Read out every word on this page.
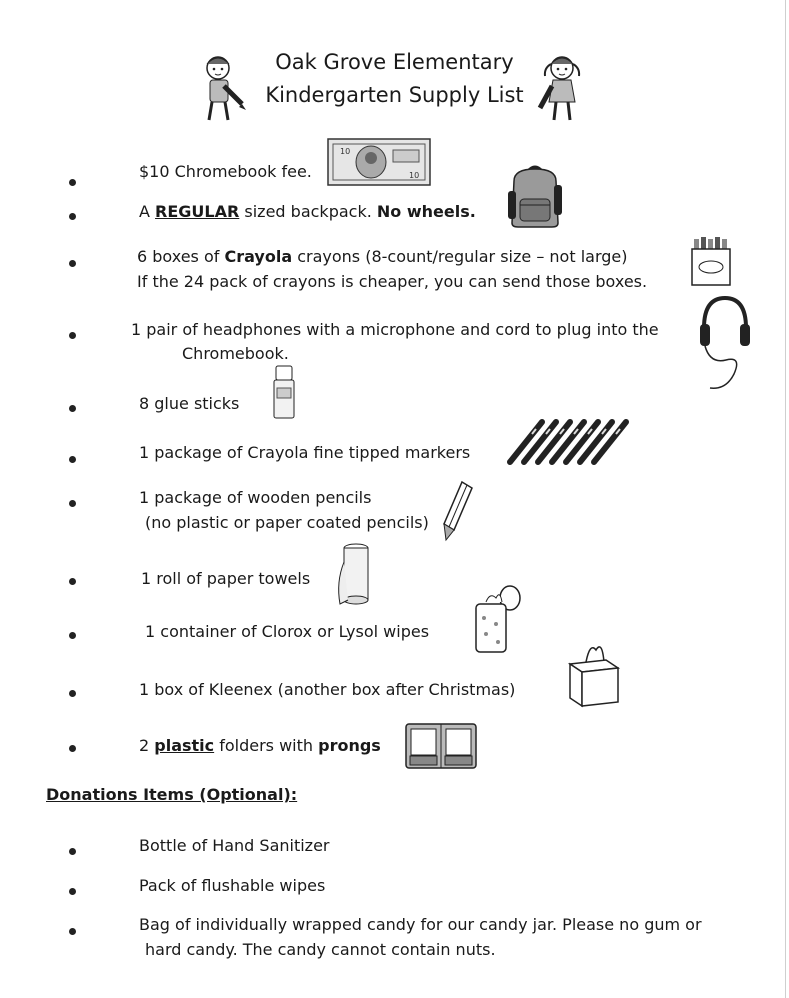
Oak Grove Elementary
Kindergarten Supply List
$10 Chromebook fee.
10
10
A REGULAR sized backpack. No wheels.
6 boxes of Crayola crayons (8-count/regular size – not large)
If the 24 pack of crayons is cheaper, you can send those boxes.
1 pair of headphones with a microphone and cord to plug into the
Chromebook.
8 glue sticks
1 package of Crayola fine tipped markers
1 package of wooden pencils
(no plastic or paper coated pencils)
1 roll of paper towels
1 container of Clorox or Lysol wipes
1 box of Kleenex (another box after Christmas)
2 plastic folders with prongs
Donations Items (Optional):
Bottle of Hand Sanitizer
Pack of flushable wipes
Bag of individually wrapped candy for our candy jar. Please no gum or
hard candy. The candy cannot contain nuts.
